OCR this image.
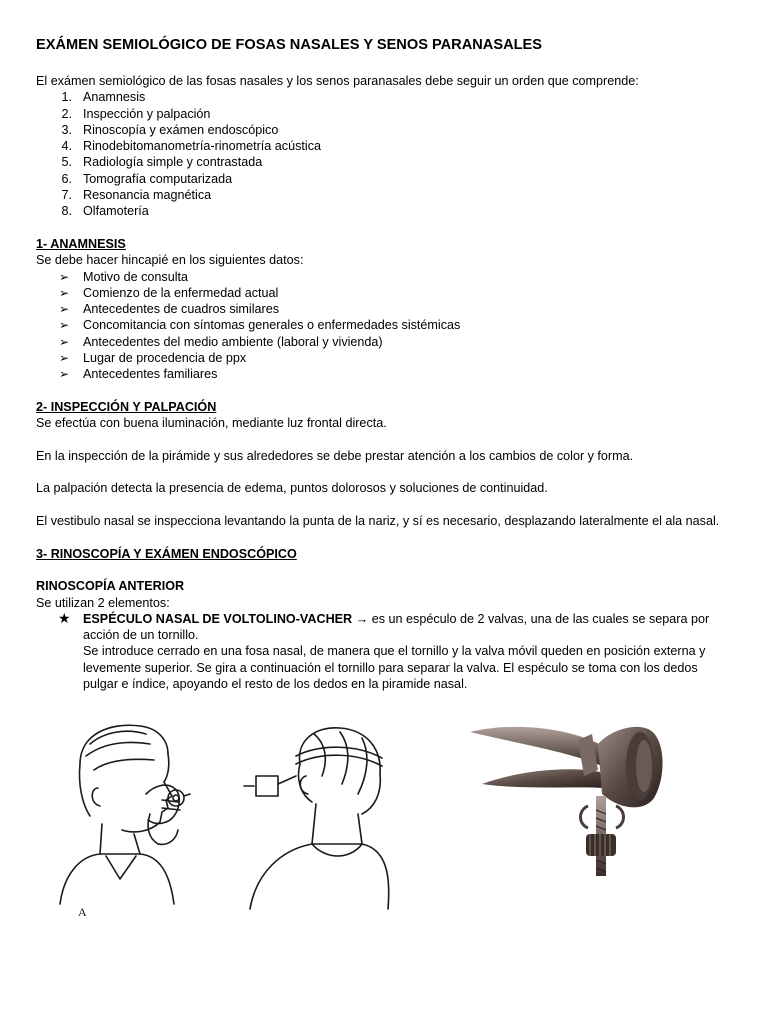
EXÁMEN SEMIOLÓGICO DE FOSAS NASALES Y SENOS PARANASALES

El exámen semiológico de las fosas nasales y los senos paranasales debe seguir un orden que comprende:

1. Anamnesis
2. Inspección y palpación
3. Rinoscopía y exámen endoscópico
4. Rinodebitomanometría-rinometría acústica
5. Radiología simple y contrastada
6. Tomografía computarizada
7. Resonancia magnética
8. Olfamotería

1- ANAMNESIS

Se debe hacer hincapié en los siguientes datos:

➢ Motivo de consulta
➢ Comienzo de la enfermedad actual
➢ Antecedentes de cuadros similares
➢ Concomitancia con síntomas generales o enfermedades sistémicas
➢ Antecedentes del medio ambiente (laboral y vivienda)
➢ Lugar de procedencia de ppx
➢ Antecedentes familiares

2- INSPECCIÓN Y PALPACIÓN

Se efectúa con buena iluminación, mediante luz frontal directa.

En la inspección de la pirámide y sus alrededores se debe prestar atención a los cambios de color y forma.

La palpación detecta la presencia de edema, puntos dolorosos y soluciones de continuidad.

El vestibulo nasal se inspecciona levantando la punta de la nariz, y sí es necesario, desplazando lateralmente el ala nasal.

3- RINOSCOPÍA Y EXÁMEN ENDOSCÓPICO

RINOSCOPÍA ANTERIOR

Se utilizan 2 elementos:

★ ESPÉCULO NASAL DE VOLTOLINO-VACHER → es un espéculo de 2 valvas, una de las cuales se separa por acción de un tornillo.
Se introduce cerrado en una fosa nasal, de manera que el tornillo y la valva móvil queden en posición externa y levemente superior. Se gira a continuación el tornillo para separar la valva. El espéculo se toma con los dedos pulgar e índice, apoyando el resto de los dedos en la piramide nasal.
A
